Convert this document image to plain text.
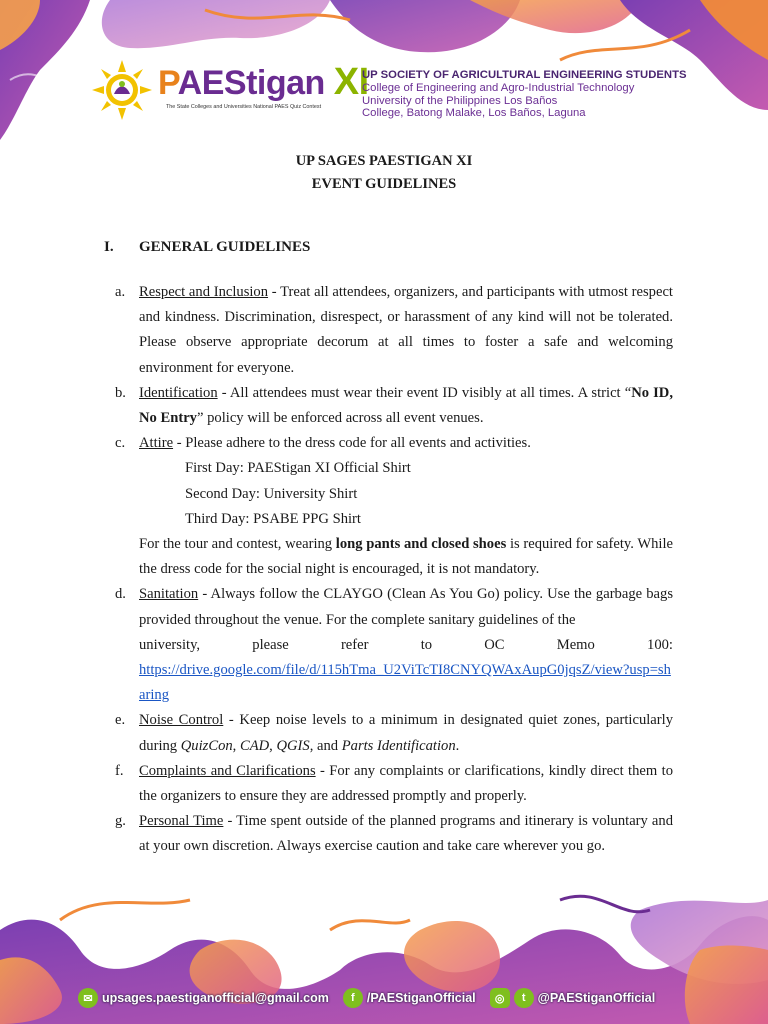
PAEStigan XI
The State Colleges and Universities National PAES Quiz Contest
UP SOCIETY OF AGRICULTURAL ENGINEERING STUDENTS
College of Engineering and Agro-Industrial Technology
University of the Philippines Los Baños
College, Batong Malake, Los Baños, Laguna
UP SAGES PAESTIGAN XI
EVENT GUIDELINES
I. GENERAL GUIDELINES
a. Respect and Inclusion - Treat all attendees, organizers, and participants with utmost respect and kindness. Discrimination, disrespect, or harassment of any kind will not be tolerated. Please observe appropriate decorum at all times to foster a safe and welcoming environment for everyone.
b. Identification - All attendees must wear their event ID visibly at all times. A strict “No ID, No Entry” policy will be enforced across all event venues.
c. Attire - Please adhere to the dress code for all events and activities.
First Day: PAEStigan XI Official Shirt
Second Day: University Shirt
Third Day: PSABE PPG Shirt
For the tour and contest, wearing long pants and closed shoes is required for safety. While the dress code for the social night is encouraged, it is not mandatory.
d. Sanitation - Always follow the CLAYGO (Clean As You Go) policy. Use the garbage bags provided throughout the venue. For the complete sanitary guidelines of the
university, please refer to OC Memo 100:
https://drive.google.com/file/d/115hTma_U2ViTcTI8CNYQWAxAupG0jqsZ/view?usp=sharing
e. Noise Control - Keep noise levels to a minimum in designated quiet zones, particularly during QuizCon, CAD, QGIS, and Parts Identification.
f. Complaints and Clarifications - For any complaints or clarifications, kindly direct them to the organizers to ensure they are addressed promptly and properly.
g. Personal Time - Time spent outside of the planned programs and itinerary is voluntary and at your own discretion. Always exercise caution and take care wherever you go.
✉ upsages.paestiganofficial@gmail.com	f /PAEStiganOfficial	◎	t @PAEStiganOfficial
